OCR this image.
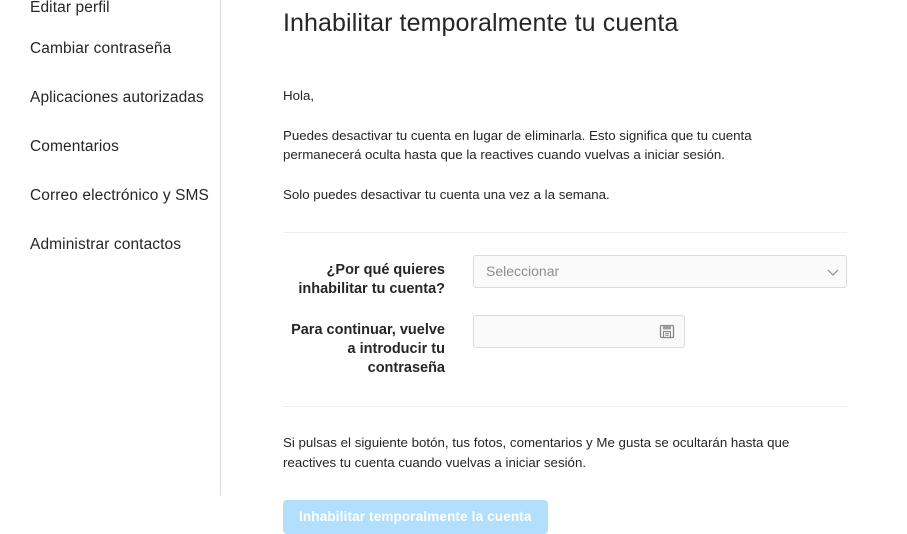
Editar perfil
Cambiar contraseña
Aplicaciones autorizadas
Comentarios
Correo electrónico y SMS
Administrar contactos
Inhabilitar temporalmente tu cuenta

Hola,

Puedes desactivar tu cuenta en lugar de eliminarla. Esto significa que tu cuenta permanecerá oculta hasta que la reactives cuando vuelvas a iniciar sesión.

Solo puedes desactivar tu cuenta una vez a la semana.

¿Por qué quieres inhabilitar tu cuenta?
Seleccionar
Para continuar, vuelve a introducir tu contraseña

Si pulsas el siguiente botón, tus fotos, comentarios y Me gusta se ocultarán hasta que reactives tu cuenta cuando vuelvas a iniciar sesión.

Inhabilitar temporalmente la cuenta
